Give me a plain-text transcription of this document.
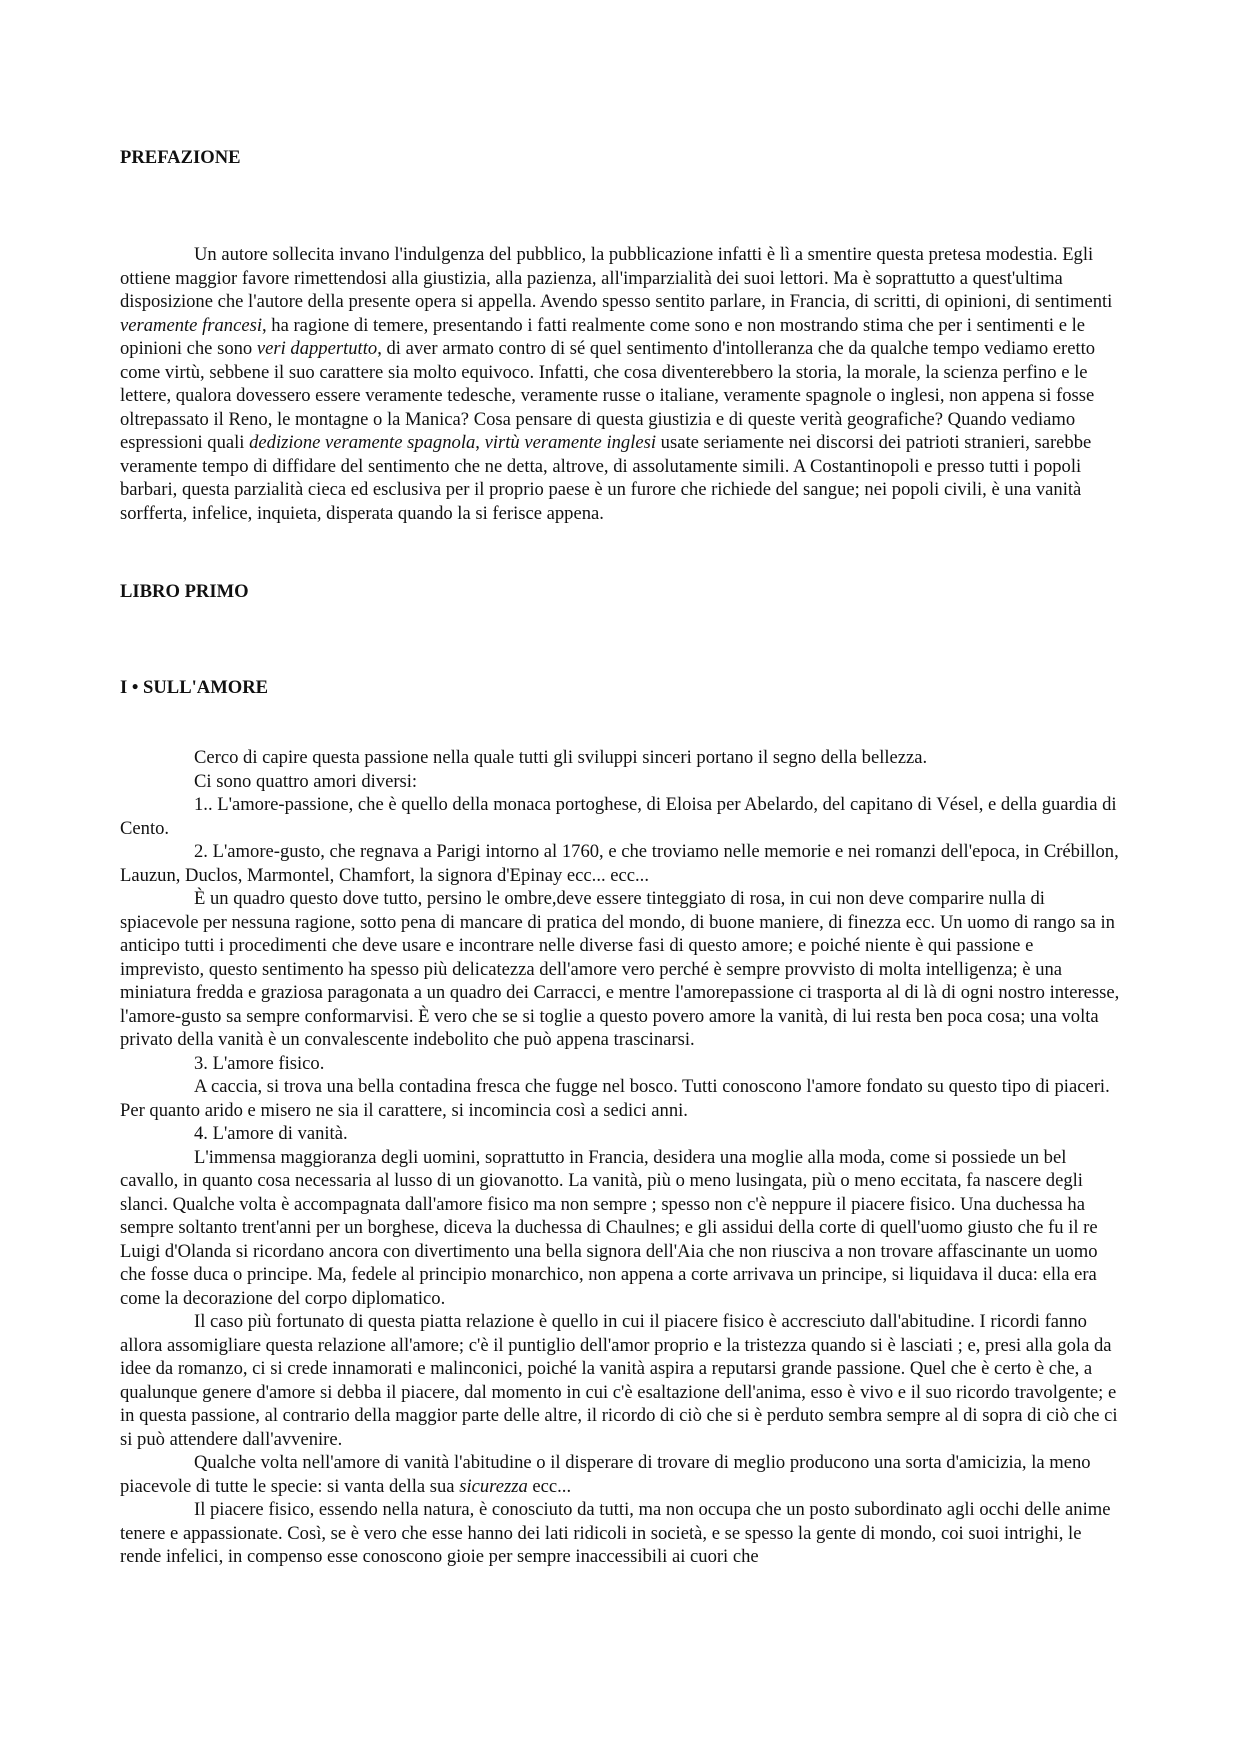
PREFAZIONE

Un autore sollecita invano l'indulgenza del pubblico, la pubblicazione infatti è lì a smentire questa pretesa modestia. Egli ottiene maggior favore rimettendosi alla giustizia, alla pazienza, all'imparzialità dei suoi lettori. Ma è soprattutto a quest'ultima disposizione che l'autore della presente opera si appella. Avendo spesso sentito parlare, in Francia, di scritti, di opinioni, di sentimenti veramente francesi, ha ragione di temere, presentando i fatti realmente come sono e non mostrando stima che per i sentimenti e le opinioni che sono veri dappertutto, di aver armato contro di sé quel sentimento d'intolleranza che da qualche tempo vediamo eretto come virtù, sebbene il suo carattere sia molto equivoco. Infatti, che cosa diventerebbero la storia, la morale, la scienza perfino e le lettere, qualora dovessero essere veramente tedesche, veramente russe o italiane, veramente spagnole o inglesi, non appena si fosse oltrepassato il Reno, le montagne o la Manica? Cosa pensare di questa giustizia e di queste verità geografiche? Quando vediamo espressioni quali dedizione veramente spagnola, virtù veramente inglesi usate seriamente nei discorsi dei patrioti stranieri, sarebbe veramente tempo di diffidare del sentimento che ne detta, altrove, di assolutamente simili. A Costantinopoli e presso tutti i popoli barbari, questa parzialità cieca ed esclusiva per il proprio paese è un furore che richiede del sangue; nei popoli civili, è una vanità sorfferta, infelice, inquieta, disperata quando la si ferisce appena.

LIBRO PRIMO
I • SULL'AMORE

Cerco di capire questa passione nella quale tutti gli sviluppi sinceri portano il segno della bellezza.

Ci sono quattro amori diversi:

1.. L'amore-passione, che è quello della monaca portoghese, di Eloisa per Abelardo, del capitano di Vésel, e della guardia di Cento.

2. L'amore-gusto, che regnava a Parigi intorno al 1760, e che troviamo nelle memorie e nei romanzi dell'epoca, in Crébillon, Lauzun, Duclos, Marmontel, Chamfort, la signora d'Epinay ecc... ecc...

È un quadro questo dove tutto, persino le ombre,deve essere tinteggiato di rosa, in cui non deve comparire nulla di spiacevole per nessuna ragione, sotto pena di mancare di pratica del mondo, di buone maniere, di finezza ecc. Un uomo di rango sa in anticipo tutti i procedimenti che deve usare e incontrare nelle diverse fasi di questo amore; e poiché niente è qui passione e imprevisto, questo sentimento ha spesso più delicatezza dell'amore vero perché è sempre provvisto di molta intelligenza; è una miniatura fredda e graziosa paragonata a un quadro dei Carracci, e mentre l'amorepassione ci trasporta al di là di ogni nostro interesse, l'amore-gusto sa sempre conformarvisi. È vero che se si toglie a questo povero amore la vanità, di lui resta ben poca cosa; una volta privato della vanità è un convalescente indebolito che può appena trascinarsi.

3. L'amore fisico.

A caccia, si trova una bella contadina fresca che fugge nel bosco. Tutti conoscono l'amore fondato su questo tipo di piaceri. Per quanto arido e misero ne sia il carattere, si incomincia così a sedici anni.

4. L'amore di vanità.

L'immensa maggioranza degli uomini, soprattutto in Francia, desidera una moglie alla moda, come si possiede un bel cavallo, in quanto cosa necessaria al lusso di un giovanotto. La vanità, più o meno lusingata, più o meno eccitata, fa nascere degli slanci. Qualche volta è accompagnata dall'amore fisico ma non sempre ; spesso non c'è neppure il piacere fisico. Una duchessa ha sempre soltanto trent'anni per un borghese, diceva la duchessa di Chaulnes; e gli assidui della corte di quell'uomo giusto che fu il re Luigi d'Olanda si ricordano ancora con divertimento una bella signora dell'Aia che non riusciva a non trovare affascinante un uomo che fosse duca o principe. Ma, fedele al principio monarchico, non appena a corte arrivava un principe, si liquidava il duca: ella era come la decorazione del corpo diplomatico.

Il caso più fortunato di questa piatta relazione è quello in cui il piacere fisico è accresciuto dall'abitudine. I ricordi fanno allora assomigliare questa relazione all'amore; c'è il puntiglio dell'amor proprio e la tristezza quando si è lasciati ; e, presi alla gola da idee da romanzo, ci si crede innamorati e malinconici, poiché la vanità aspira a reputarsi grande passione. Quel che è certo è che, a qualunque genere d'amore si debba il piacere, dal momento in cui c'è esaltazione dell'anima, esso è vivo e il suo ricordo travolgente; e in questa passione, al contrario della maggior parte delle altre, il ricordo di ciò che si è perduto sembra sempre al di sopra di ciò che ci si può attendere dall'avvenire.

Qualche volta nell'amore di vanità l'abitudine o il disperare di trovare di meglio producono una sorta d'amicizia, la meno piacevole di tutte le specie: si vanta della sua sicurezza ecc...

Il piacere fisico, essendo nella natura, è conosciuto da tutti, ma non occupa che un posto subordinato agli occhi delle anime tenere e appassionate. Così, se è vero che esse hanno dei lati ridicoli in società, e se spesso la gente di mondo, coi suoi intrighi, le rende infelici, in compenso esse conoscono gioie per sempre inaccessibili ai cuori che
